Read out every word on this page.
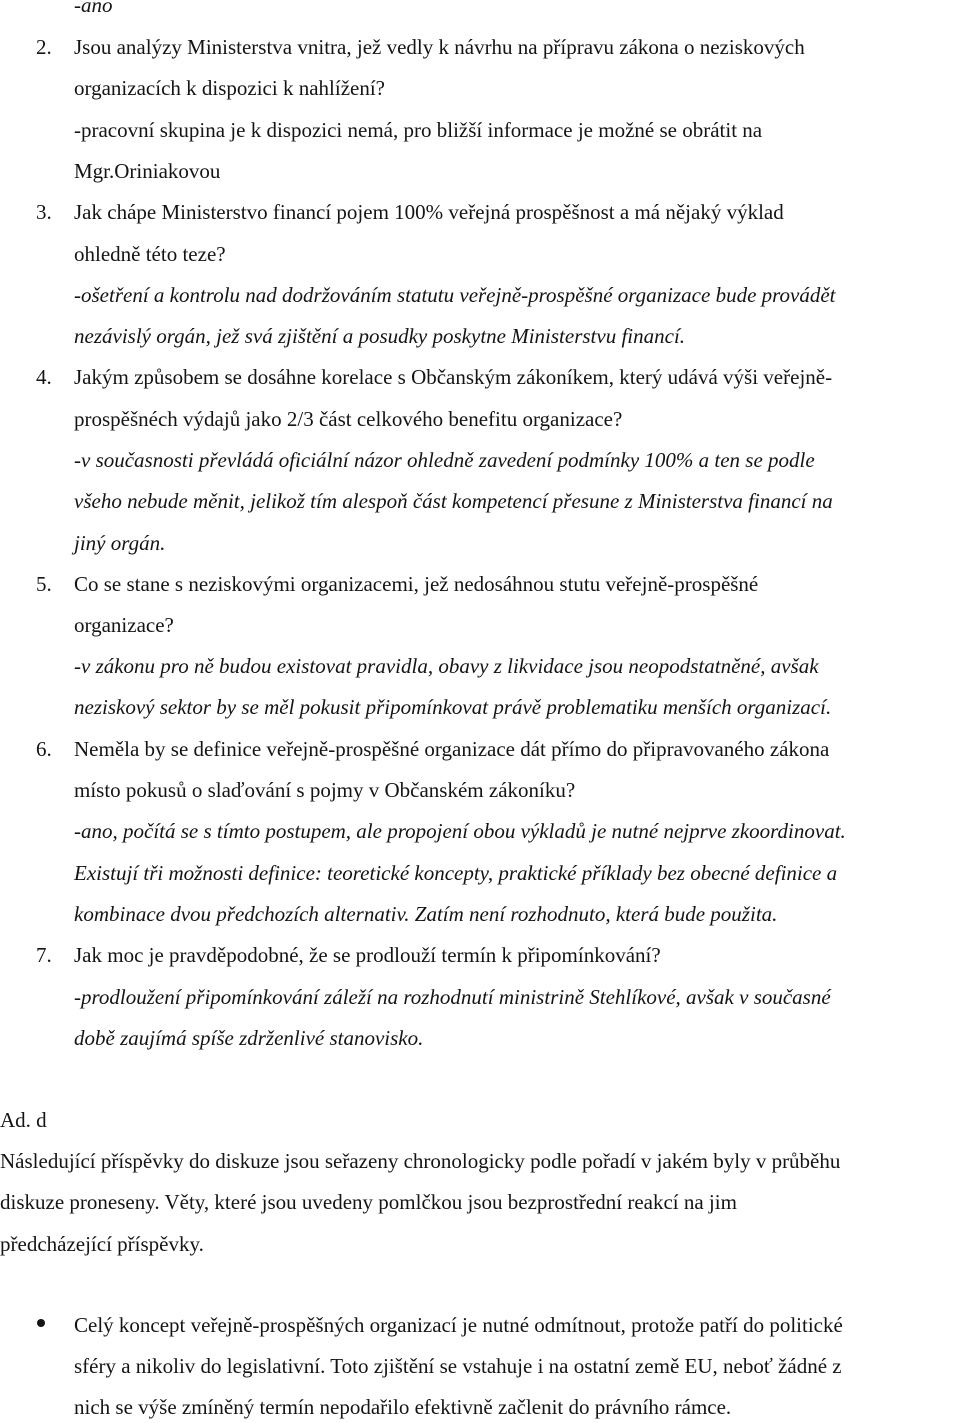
-ano
2. Jsou analýzy Ministerstva vnitra, jež vedly k návrhu na přípravu zákona o neziskových
organizacích k dispozici k nahlížení?
-pracovní skupina je k dispozici nemá, pro bližší informace je možné se obrátit na
Mgr.Oriniakovou
3. Jak chápe Ministerstvo financí pojem 100% veřejná prospěšnost a má nějaký výklad
ohledně této teze?
-ošetření a kontrolu nad dodržováním statutu veřejně-prospěšné organizace bude provádět
nezávislý orgán, jež svá zjištění a posudky poskytne Ministerstvu financí.
4. Jakým způsobem se dosáhne korelace s Občanským zákoníkem, který udává výši veřejně-
prospěšnéch výdajů jako 2/3 část celkového benefitu organizace?
-v současnosti převládá oficiální názor ohledně zavedení podmínky 100% a ten se podle
všeho nebude měnit, jelikož tím alespoň část kompetencí přesune z Ministerstva financí na
jiný orgán.
5. Co se stane s neziskovými organizacemi, jež nedosáhnou stutu veřejně-prospěšné
organizace?
-v zákonu pro ně budou existovat pravidla, obavy z likvidace jsou neopodstatněné, avšak
neziskový sektor by se měl pokusit připomínkovat právě problematiku menších organizací.
6. Neměla by se definice veřejně-prospěšné organizace dát přímo do připravovaného zákona
místo pokusů o slaďování s pojmy v Občanském zákoníku?
-ano, počítá se s tímto postupem, ale propojení obou výkladů je nutné nejprve zkoordinovat.
Existují tři možnosti definice: teoretické koncepty, praktické příklady bez obecné definice a
kombinace dvou předchozích alternativ. Zatím není rozhodnuto, která bude použita.
7. Jak moc je pravděpodobné, že se prodlouží termín k připomínkování?
-prodloužení připomínkování záleží na rozhodnutí ministrině Stehlíkové, avšak v současné
době zaujímá spíše zdrženlivé stanovisko.
Ad. d
Následující příspěvky do diskuze jsou seřazeny chronologicky podle pořadí v jakém byly v průběhu
diskuze proneseny. Věty, které jsou uvedeny pomlčkou jsou bezprostřední reakcí na jim
předcházející příspěvky.
Celý koncept veřejně-prospěšných organizací je nutné odmítnout, protože patří do politické
sféry a nikoliv do legislativní. Toto zjištění se vstahuje i na ostatní země EU, neboť žádné z
nich se výše zmíněný termín nepodařilo efektivně začlenit do právního rámce.
